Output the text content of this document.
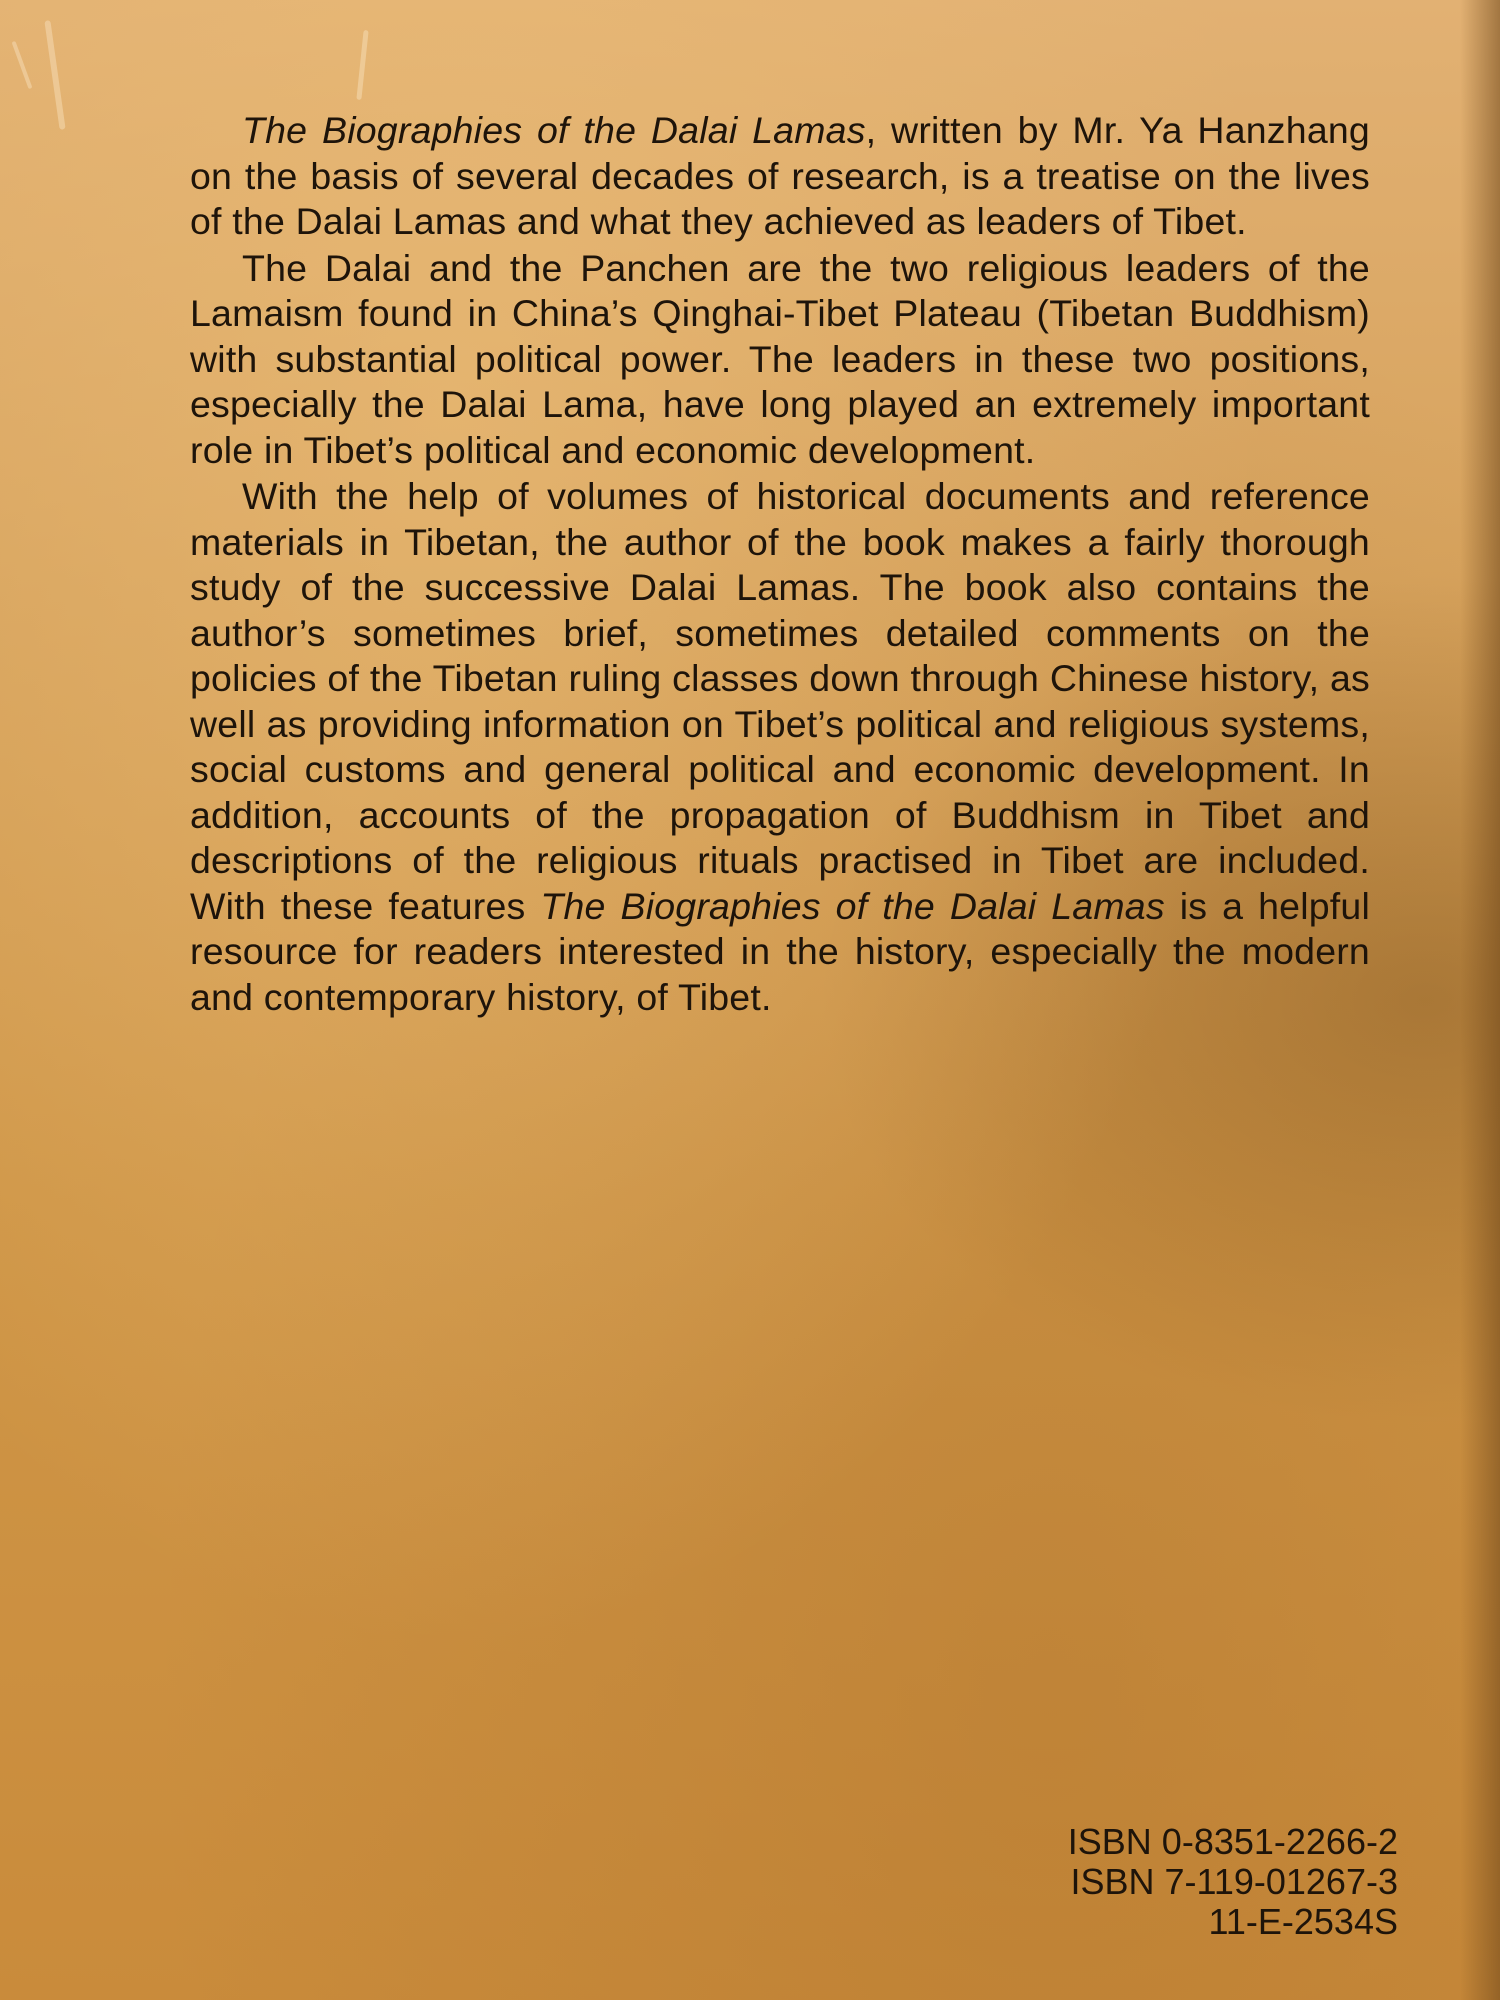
The Biographies of the Dalai Lamas, written by Mr. Ya Hanzhang on the basis of several decades of research, is a treatise on the lives of the Dalai Lamas and what they achieved as leaders of Tibet.

The Dalai and the Panchen are the two religious leaders of the Lamaism found in China’s Qinghai-Tibet Plateau (Tibetan Buddhism) with substantial political power. The leaders in these two positions, especially the Dalai Lama, have long played an extremely important role in Tibet’s political and economic development.

With the help of volumes of historical documents and reference materials in Tibetan, the author of the book makes a fairly thorough study of the successive Dalai Lamas. The book also contains the author’s sometimes brief, sometimes detailed comments on the policies of the Tibetan ruling classes down through Chinese history, as well as providing information on Tibet’s political and religious systems, social customs and general political and economic development. In addition, accounts of the propagation of Buddhism in Tibet and descriptions of the religious rituals practised in Tibet are included. With these features The Biographies of the Dalai Lamas is a helpful resource for readers interested in the history, especially the modern and contemporary history, of Tibet.

ISBN 0-8351-2266-2
ISBN 7-119-01267-3
11-E-2534S
